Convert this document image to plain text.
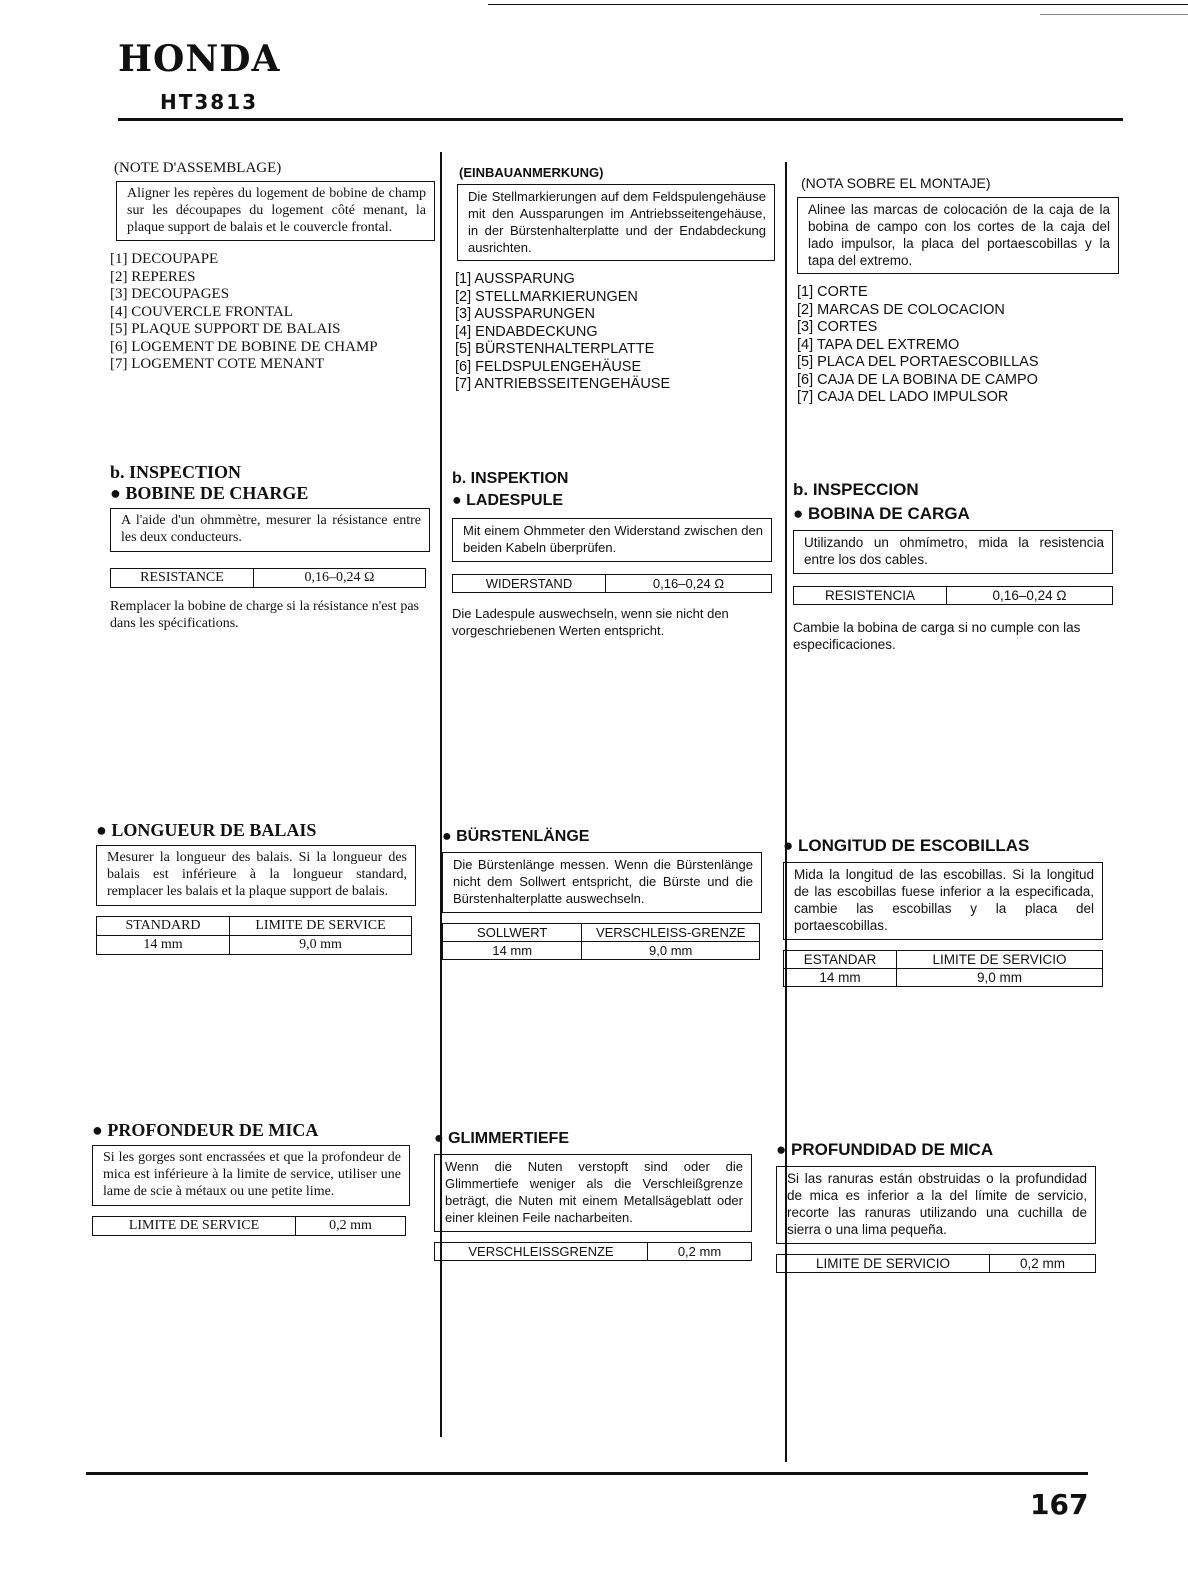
HONDA
HT3813

(NOTE D'ASSEMBLAGE)

Aligner les repères du logement de bobine de champ sur les découpapes du logement côté menant, la plaque support de balais et le couvercle frontal.
[1] DECOUPAPE
[2] REPERES
[3] DECOUPAGES
[4] COUVERCLE FRONTAL
[5] PLAQUE SUPPORT DE BALAIS
[6] LOGEMENT DE BOBINE DE CHAMP
[7] LOGEMENT COTE MENANT

b. INSPECTION

● BOBINE DE CHARGE

A l'aide d'un ohmmètre, mesurer la résistance entre les deux conducteurs.
RESISTANCE	0,16–0,24 Ω
Remplacer la bobine de charge si la résistance n'est pas dans les spécifications.

● LONGUEUR DE BALAIS

Mesurer la longueur des balais. Si la longueur des balais est inférieure à la longueur standard, remplacer les balais et la plaque support de balais.
STANDARD	LIMITE DE SERVICE
14 mm	9,0 mm

● PROFONDEUR DE MICA

Si les gorges sont encrassées et que la profondeur de mica est inférieure à la limite de service, utiliser une lame de scie à métaux ou une petite lime.
LIMITE DE SERVICE	0,2 mm

(EINBAUANMERKUNG)

Die Stellmarkierungen auf dem Feldspulengehäuse mit den Aussparungen im Antriebsseitengehäuse, in der Bürstenhalterplatte und der Endabdeckung ausrichten.
[1] AUSSPARUNG
[2] STELLMARKIERUNGEN
[3] AUSSPARUNGEN
[4] ENDABDECKUNG
[5] BÜRSTENHALTERPLATTE
[6] FELDSPULENGEHÄUSE
[7] ANTRIEBSSEITENGEHÄUSE

b. INSPEKTION

● LADESPULE

Mit einem Ohmmeter den Widerstand zwischen den beiden Kabeln überprüfen.
WIDERSTAND	0,16–0,24 Ω
Die Ladespule auswechseln, wenn sie nicht den vorgeschriebenen Werten entspricht.

● BÜRSTENLÄNGE

Die Bürstenlänge messen. Wenn die Bürstenlänge nicht dem Sollwert entspricht, die Bürste und die Bürstenhalterplatte auswechseln.
SOLLWERT	VERSCHLEISS-GRENZE
14 mm	9,0 mm

● GLIMMERTIEFE

Wenn die Nuten verstopft sind oder die Glimmertiefe weniger als die Verschleißgrenze beträgt, die Nuten mit einem Metallsägeblatt oder einer kleinen Feile nacharbeiten.
VERSCHLEISSGRENZE	0,2 mm

(NOTA SOBRE EL MONTAJE)

Alinee las marcas de colocación de la caja de la bobina de campo con los cortes de la caja del lado impulsor, la placa del portaescobillas y la tapa del extremo.
[1] CORTE
[2] MARCAS DE COLOCACION
[3] CORTES
[4] TAPA DEL EXTREMO
[5] PLACA DEL PORTAESCOBILLAS
[6] CAJA DE LA BOBINA DE CAMPO
[7] CAJA DEL LADO IMPULSOR

b. INSPECCION

● BOBINA DE CARGA

Utilizando un ohmímetro, mida la resistencia entre los dos cables.
RESISTENCIA	0,16–0,24 Ω
Cambie la bobina de carga si no cumple con las especificaciones.

● LONGITUD DE ESCOBILLAS

Mida la longitud de las escobillas. Si la longitud de las escobillas fuese inferior a la especificada, cambie las escobillas y la placa del portaescobillas.
ESTANDAR	LIMITE DE SERVICIO
14 mm	9,0 mm

● PROFUNDIDAD DE MICA

Si las ranuras están obstruidas o la profundidad de mica es inferior a la del límite de servicio, recorte las ranuras utilizando una cuchilla de sierra o una lima pequeña.
LIMITE DE SERVICIO	0,2 mm
167
